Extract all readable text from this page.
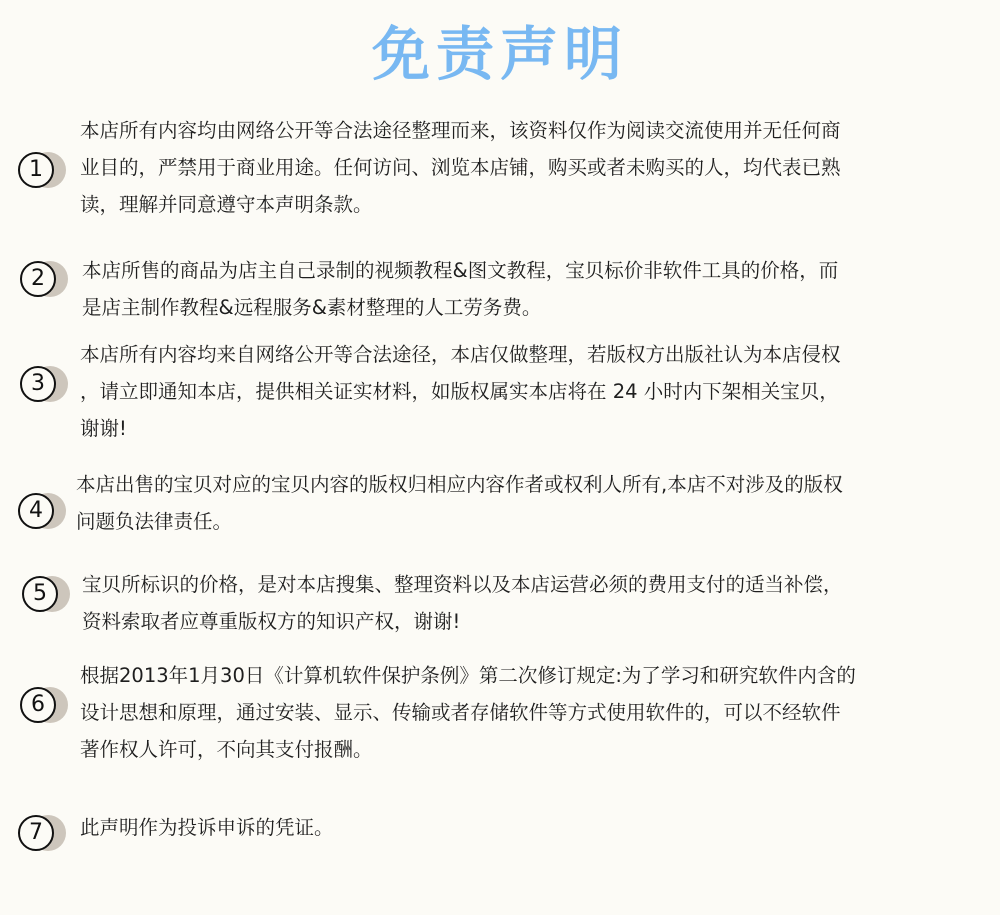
免责声明
1
本店所有内容均由网络公开等合法途径整理而来，该资料仅作为阅读交流使用并无任何商
业目的，严禁用于商业用途。任何访问、浏览本店铺，购买或者未购买的人，均代表已熟
读，理解并同意遵守本声明条款。
2	本店所售的商品为店主自己录制的视频教程&图文教程，宝贝标价非软件工具的价格，而
是店主制作教程&远程服务&素材整理的人工劳务费。
3
本店所有内容均来自网络公开等合法途径，本店仅做整理，若版权方出版社认为本店侵权
，请立即通知本店，提供相关证实材料，如版权属实本店将在 24 小时内下架相关宝贝，
谢谢!
4
本店出售的宝贝对应的宝贝内容的版权归相应内容作者或权利人所有,本店不对涉及的版权
问题负法律责任。
5	宝贝所标识的价格，是对本店搜集、整理资料以及本店运营必须的费用支付的适当补偿，
资料索取者应尊重版权方的知识产权，谢谢!
6
根据2013年1月30日《计算机软件保护条例》第二次修订规定:为了学习和研究软件内含的
设计思想和原理，通过安装、显示、传输或者存储软件等方式使用软件的，可以不经软件
著作权人许可，不向其支付报酬。
7	此声明作为投诉申诉的凭证。
